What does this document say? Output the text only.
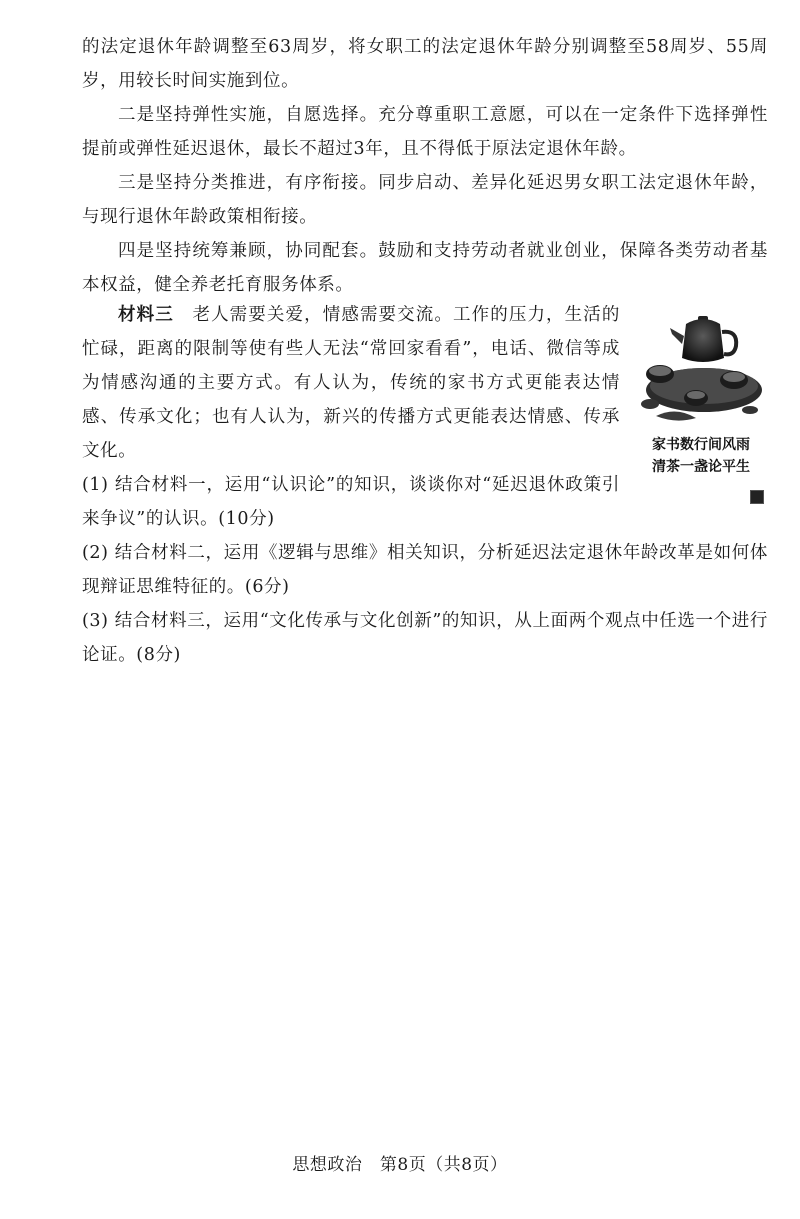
的法定退休年龄调整至63周岁，将女职工的法定退休年龄分别调整至58周岁、55周岁，用较长时间实施到位。

二是坚持弹性实施，自愿选择。充分尊重职工意愿，可以在一定条件下选择弹性提前或弹性延迟退休，最长不超过3年，且不得低于原法定退休年龄。

三是坚持分类推进，有序衔接。同步启动、差异化延迟男女职工法定退休年龄，与现行退休年龄政策相衔接。

四是坚持统筹兼顾，协同配套。鼓励和支持劳动者就业创业，保障各类劳动者基本权益，健全养老托育服务体系。

材料三　老人需要关爱，情感需要交流。工作的压力，生活的忙碌，距离的限制等使有些人无法“常回家看看”，电话、微信等成为情感沟通的主要方式。有人认为，传统的家书方式更能表达情感、传承文化；也有人认为，新兴的传播方式更能表达情感、传承文化。	家书数行间风雨
清茶一盏论平生

(1) 结合材料一，运用“认识论”的知识，谈谈你对“延迟退休政策引来争议”的认识。(10分)

(2) 结合材料二，运用《逻辑与思维》相关知识，分析延迟法定退休年龄改革是如何体现辩证思维特征的。(6分)

(3) 结合材料三，运用“文化传承与文化创新”的知识，从上面两个观点中任选一个进行论证。(8分)

思想政治　第8页（共8页）
